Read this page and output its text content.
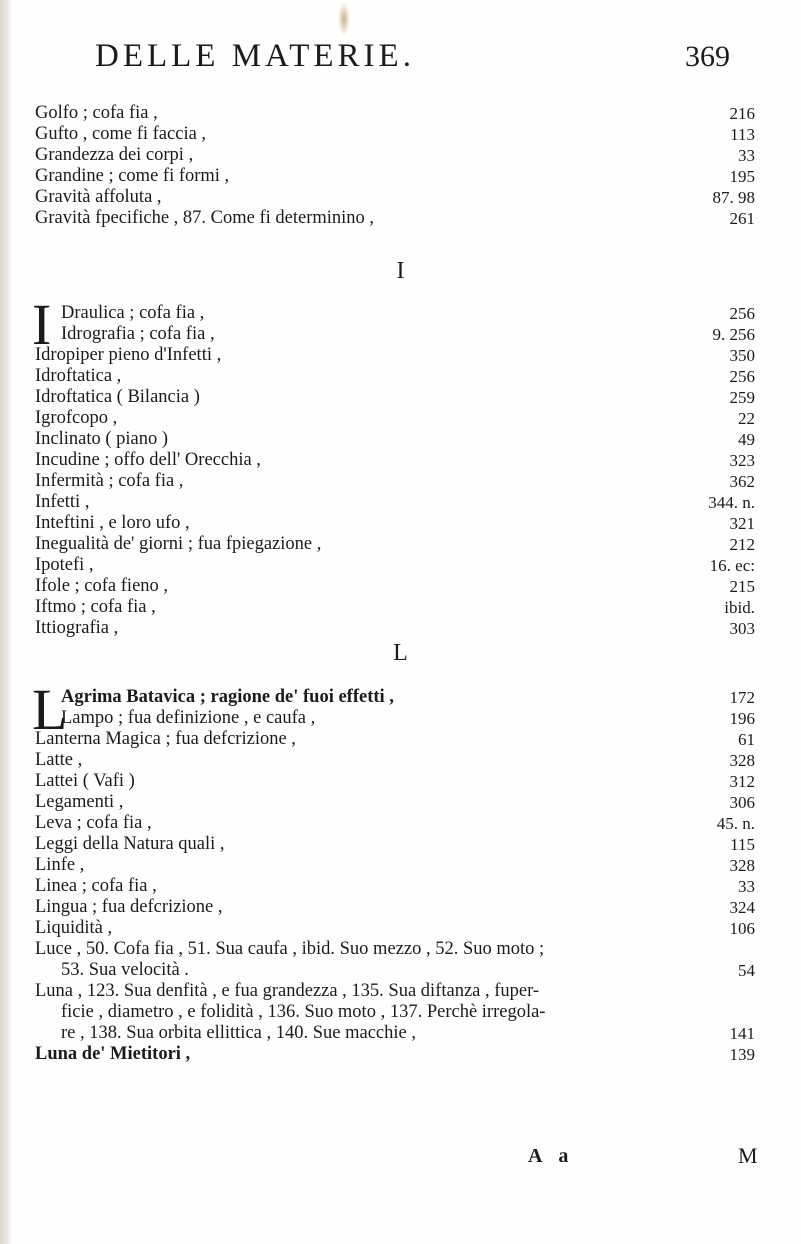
DELLE MATERIE.	369
Golfo ; cofa fia ,	216
Gufto , come fi faccia ,	113
Grandezza dei corpi ,	33
Grandine ; come fi formi ,	195
Gravità affoluta ,	87. 98
Gravità fpecifiche , 87. Come fi determinino ,	261
I
I Draulica ; cofa fia ,	256
Idrografia ; cofa fia ,	9. 256
Idropiper pieno d'Infetti ,	350
Idroftatica ,	256
Idroftatica ( Bilancia )	259
Igrofcopo ,	22
Inclinato ( piano )	49
Incudine ; offo dell' Orecchia ,	323
Infermità ; cofa fia ,	362
Infetti ,	344. n.
Inteftini , e loro ufo ,	321
Inegualità de' giorni ; fua fpiegazione ,	212
Ipotefi ,	16. ec:
Ifole ; cofa fieno ,	215
Iftmo ; cofa fia ,	ibid.
Ittiografia ,	303
L
L
Agrima Batavica ; ragione de' fuoi effetti ,	172
Lampo ; fua definizione , e caufa ,	196
Lanterna Magica ; fua defcrizione ,	61
Latte ,	328
Lattei ( Vafi )	312
Legamenti ,	306
Leva ; cofa fia ,	45. n.
Leggi della Natura quali ,	115
Linfe ,	328
Linea ; cofa fia ,	33
Lingua ; fua defcrizione ,	324
Liquidità ,	106
Luce , 50. Cofa fia , 51. Sua caufa , ibid. Suo mezzo , 52. Suo moto ;
53. Sua velocità .	54
Luna , 123. Sua denfità , e fua grandezza , 135. Sua diftanza , fuper-
ficie , diametro , e folidità , 136. Suo moto , 137. Perchè irregola-
re , 138. Sua orbita ellittica , 140. Sue macchie ,	141
Luna de' Mietitori ,	139
A a	M
